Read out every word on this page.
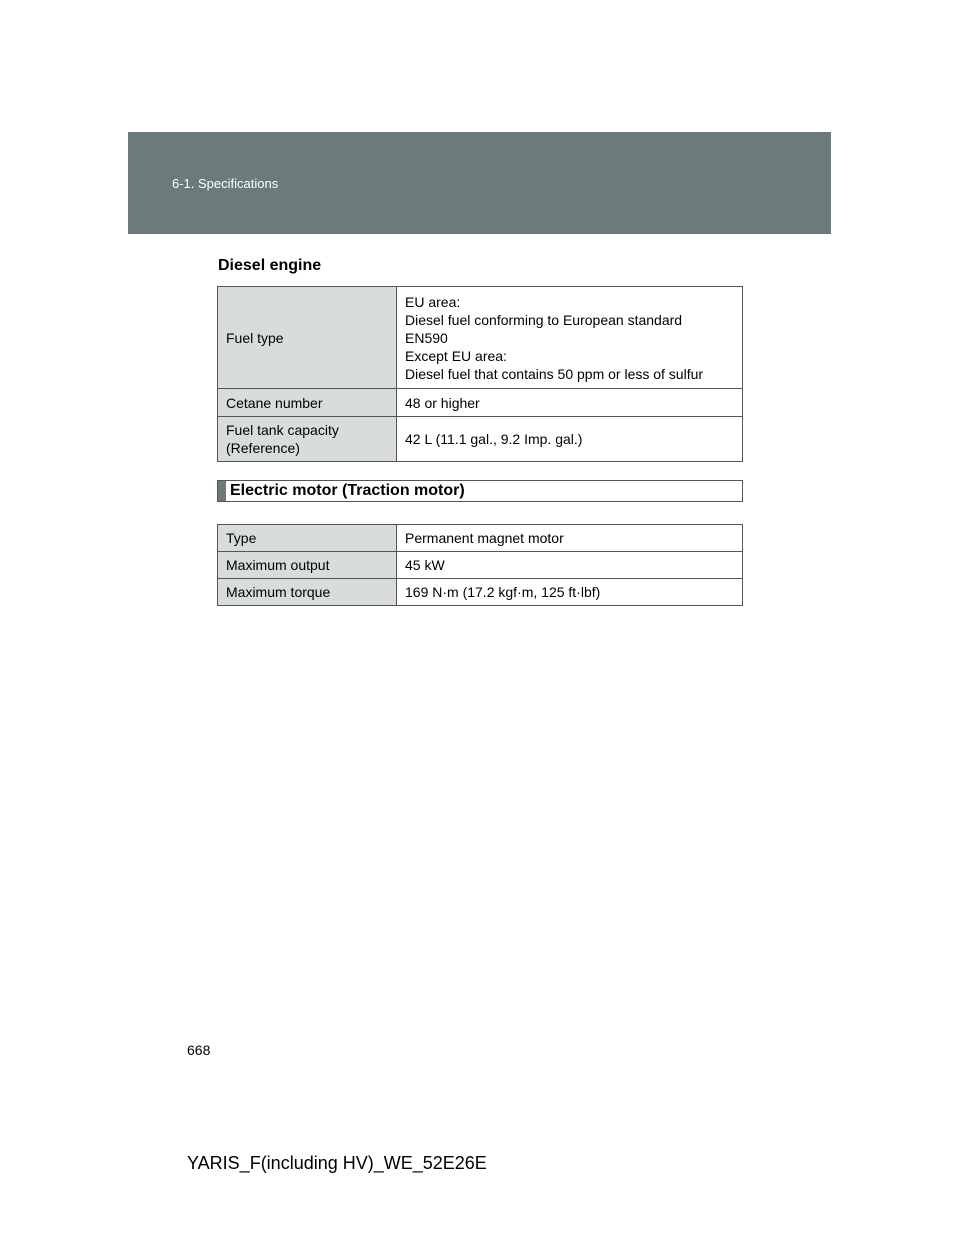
6-1. Specifications
Diesel engine
Fuel type	EU area:
Diesel fuel conforming to European standard
EN590
Except EU area:
Diesel fuel that contains 50 ppm or less of sulfur

Cetane number	48 or higher

Fuel tank capacity
(Reference)	42 L (11.1 gal., 9.2 Imp. gal.)
Electric motor (Traction motor)
Type	Permanent magnet motor
Maximum output	45 kW
Maximum torque	169 N·m (17.2 kgf·m, 125 ft·lbf)
668
YARIS_F(including HV)_WE_52E26E
